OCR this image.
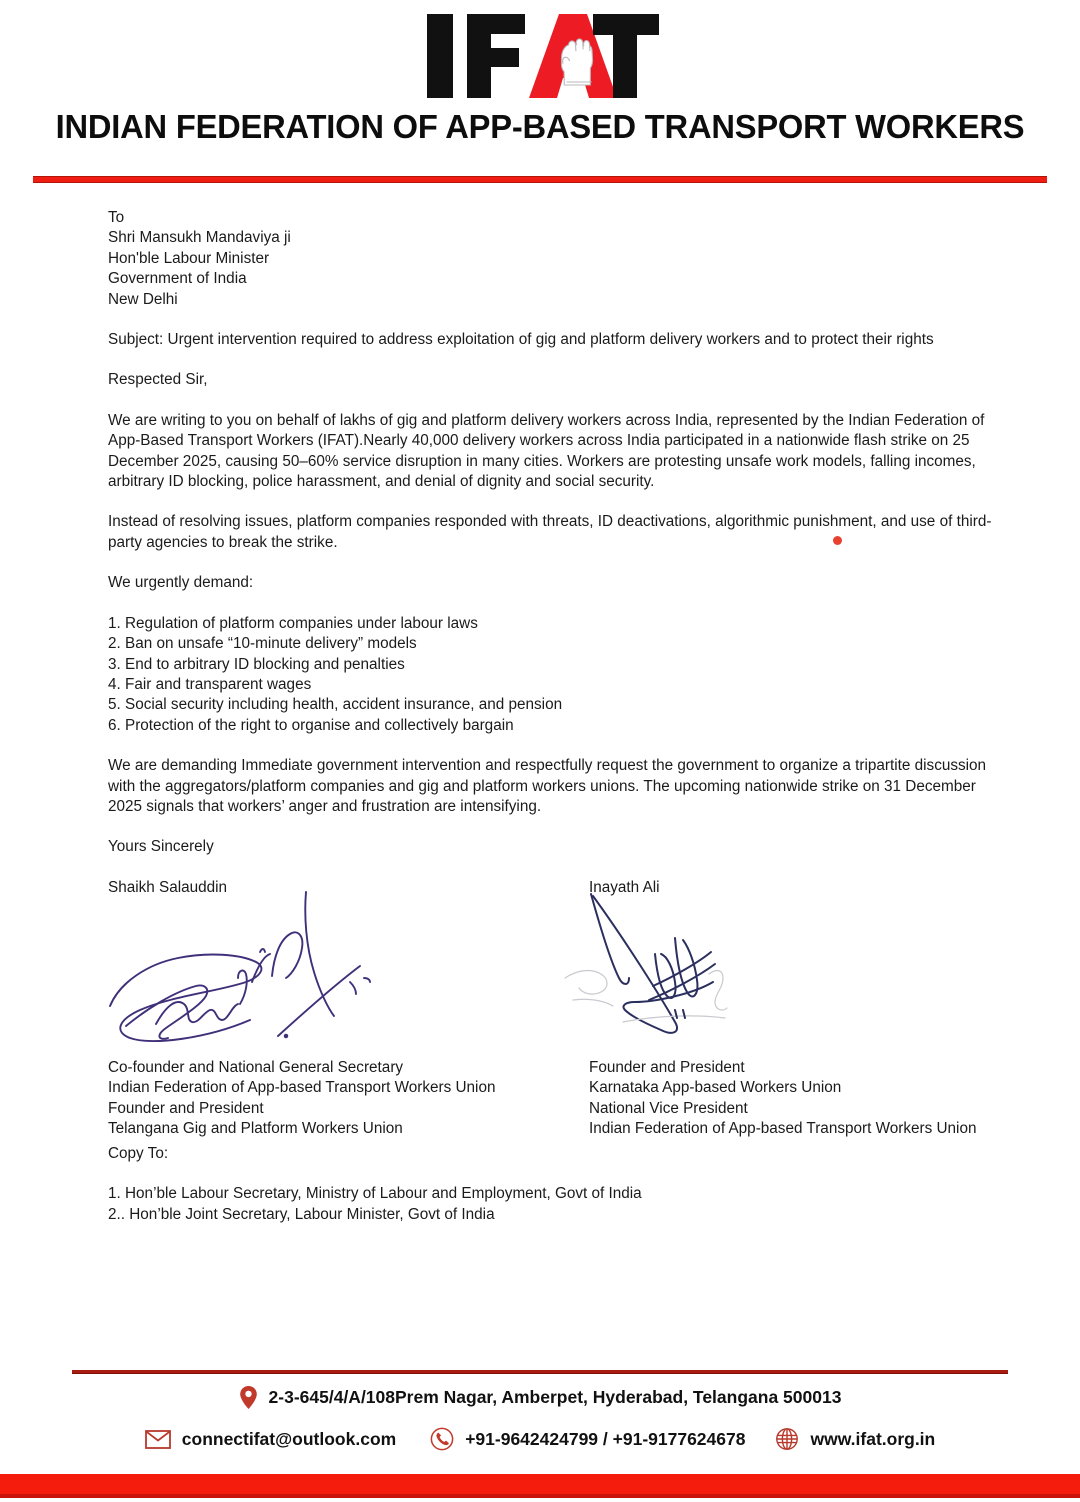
INDIAN FEDERATION OF APP-BASED TRANSPORT WORKERS

To
Shri Mansukh Mandaviya ji
Hon'ble Labour Minister
Government of India
New Delhi

Subject: Urgent intervention required to address exploitation of gig and platform delivery workers and to protect their rights

Respected Sir,

We are writing to you on behalf of lakhs of gig and platform delivery workers across India, represented by the Indian Federation of App-Based Transport Workers (IFAT).Nearly 40,000 delivery workers across India participated in a nationwide flash strike on 25 December 2025, causing 50–60% service disruption in many cities. Workers are protesting unsafe work models, falling incomes, arbitrary ID blocking, police harassment, and denial of dignity and social security.

Instead of resolving issues, platform companies responded with threats, ID deactivations, algorithmic punishment, and use of third-party agencies to break the strike.

We urgently demand:

1. Regulation of platform companies under labour laws
2. Ban on unsafe “10-minute delivery” models
3. End to arbitrary ID blocking and penalties
4. Fair and transparent wages
5. Social security including health, accident insurance, and pension
6. Protection of the right to organise and collectively bargain

We are demanding Immediate government intervention and respectfully request the government to organize a tripartite discussion with the aggregators/platform companies and gig and platform workers unions. The upcoming nationwide strike on 31 December 2025 signals that workers’ anger and frustration are intensifying.

Yours Sincerely

Shaikh Salauddin	Inayath Ali
Co-founder and National General Secretary
Indian Federation of App-based Transport Workers Union
Founder and President
Telangana Gig and Platform Workers Union
Founder and President
Karnataka App-based Workers Union
National Vice President
Indian Federation of App-based Transport Workers Union

Copy To:

1. Hon’ble Labour Secretary, Ministry of Labour and Employment, Govt of India
2.. Hon’ble Joint Secretary, Labour Minister, Govt of India
2-3-645/4/A/108Prem Nagar, Amberpet, Hyderabad, Telangana 500013
connectifat@outlook.com	+91-9642424799 / +91-9177624678	www.ifat.org.in
